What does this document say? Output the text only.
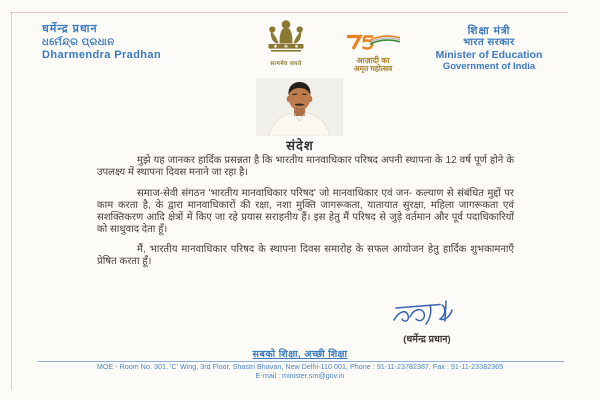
धर्मेन्द्र प्रधान
ଧର୍ମେନ୍ଦ୍ର ପ୍ରଧାନ
Dharmendra Pradhan
सत्यमेव जयते	आज़ादी का
अमृत महोत्सव
शिक्षा मंत्री
भारत सरकार
Minister of Education
Government of India
संदेश

मुझे यह जानकर हार्दिक प्रसन्नता है कि भारतीय मानवाधिकार परिषद अपनी स्थापना के 12 वर्ष पूर्ण होने के उपलक्ष्य में स्थापना दिवस मनाने जा रहा है।

समाज-सेवी संगठन 'भारतीय मानवाधिकार परिषद' जो मानवाधिकार एवं जन- कल्याण से संबंधित मुद्दों पर काम करता है, के द्वारा मानवाधिकारों की रक्षा, नशा मुक्ति जागरूकता, यातायात सुरक्षा, महिला जागरूकता एवं सशक्तिकरण आदि क्षेत्रों में किए जा रहे प्रयास सराहनीय हैं। इस हेतु मैं परिषद से जुड़े वर्तमान और पूर्व पदाधिकारियों को साधुवाद देता हूँ।

मैं, भारतीय मानवाधिकार परिषद के स्थापना दिवस समारोह के सफल आयोजन हेतु हार्दिक शुभकामनाएँ प्रेषित करता हूँ।

(धर्मेन्द्र प्रधान)
सबको शिक्षा, अच्छी शिक्षा
MOE - Room No. 301, 'C' Wing, 3rd Floor, Shastri Bhavan, New Delhi-110 001, Phone : 91-11-23782387, Fax : 91-11-23382365
E-mail : minister.sm@gov.in
